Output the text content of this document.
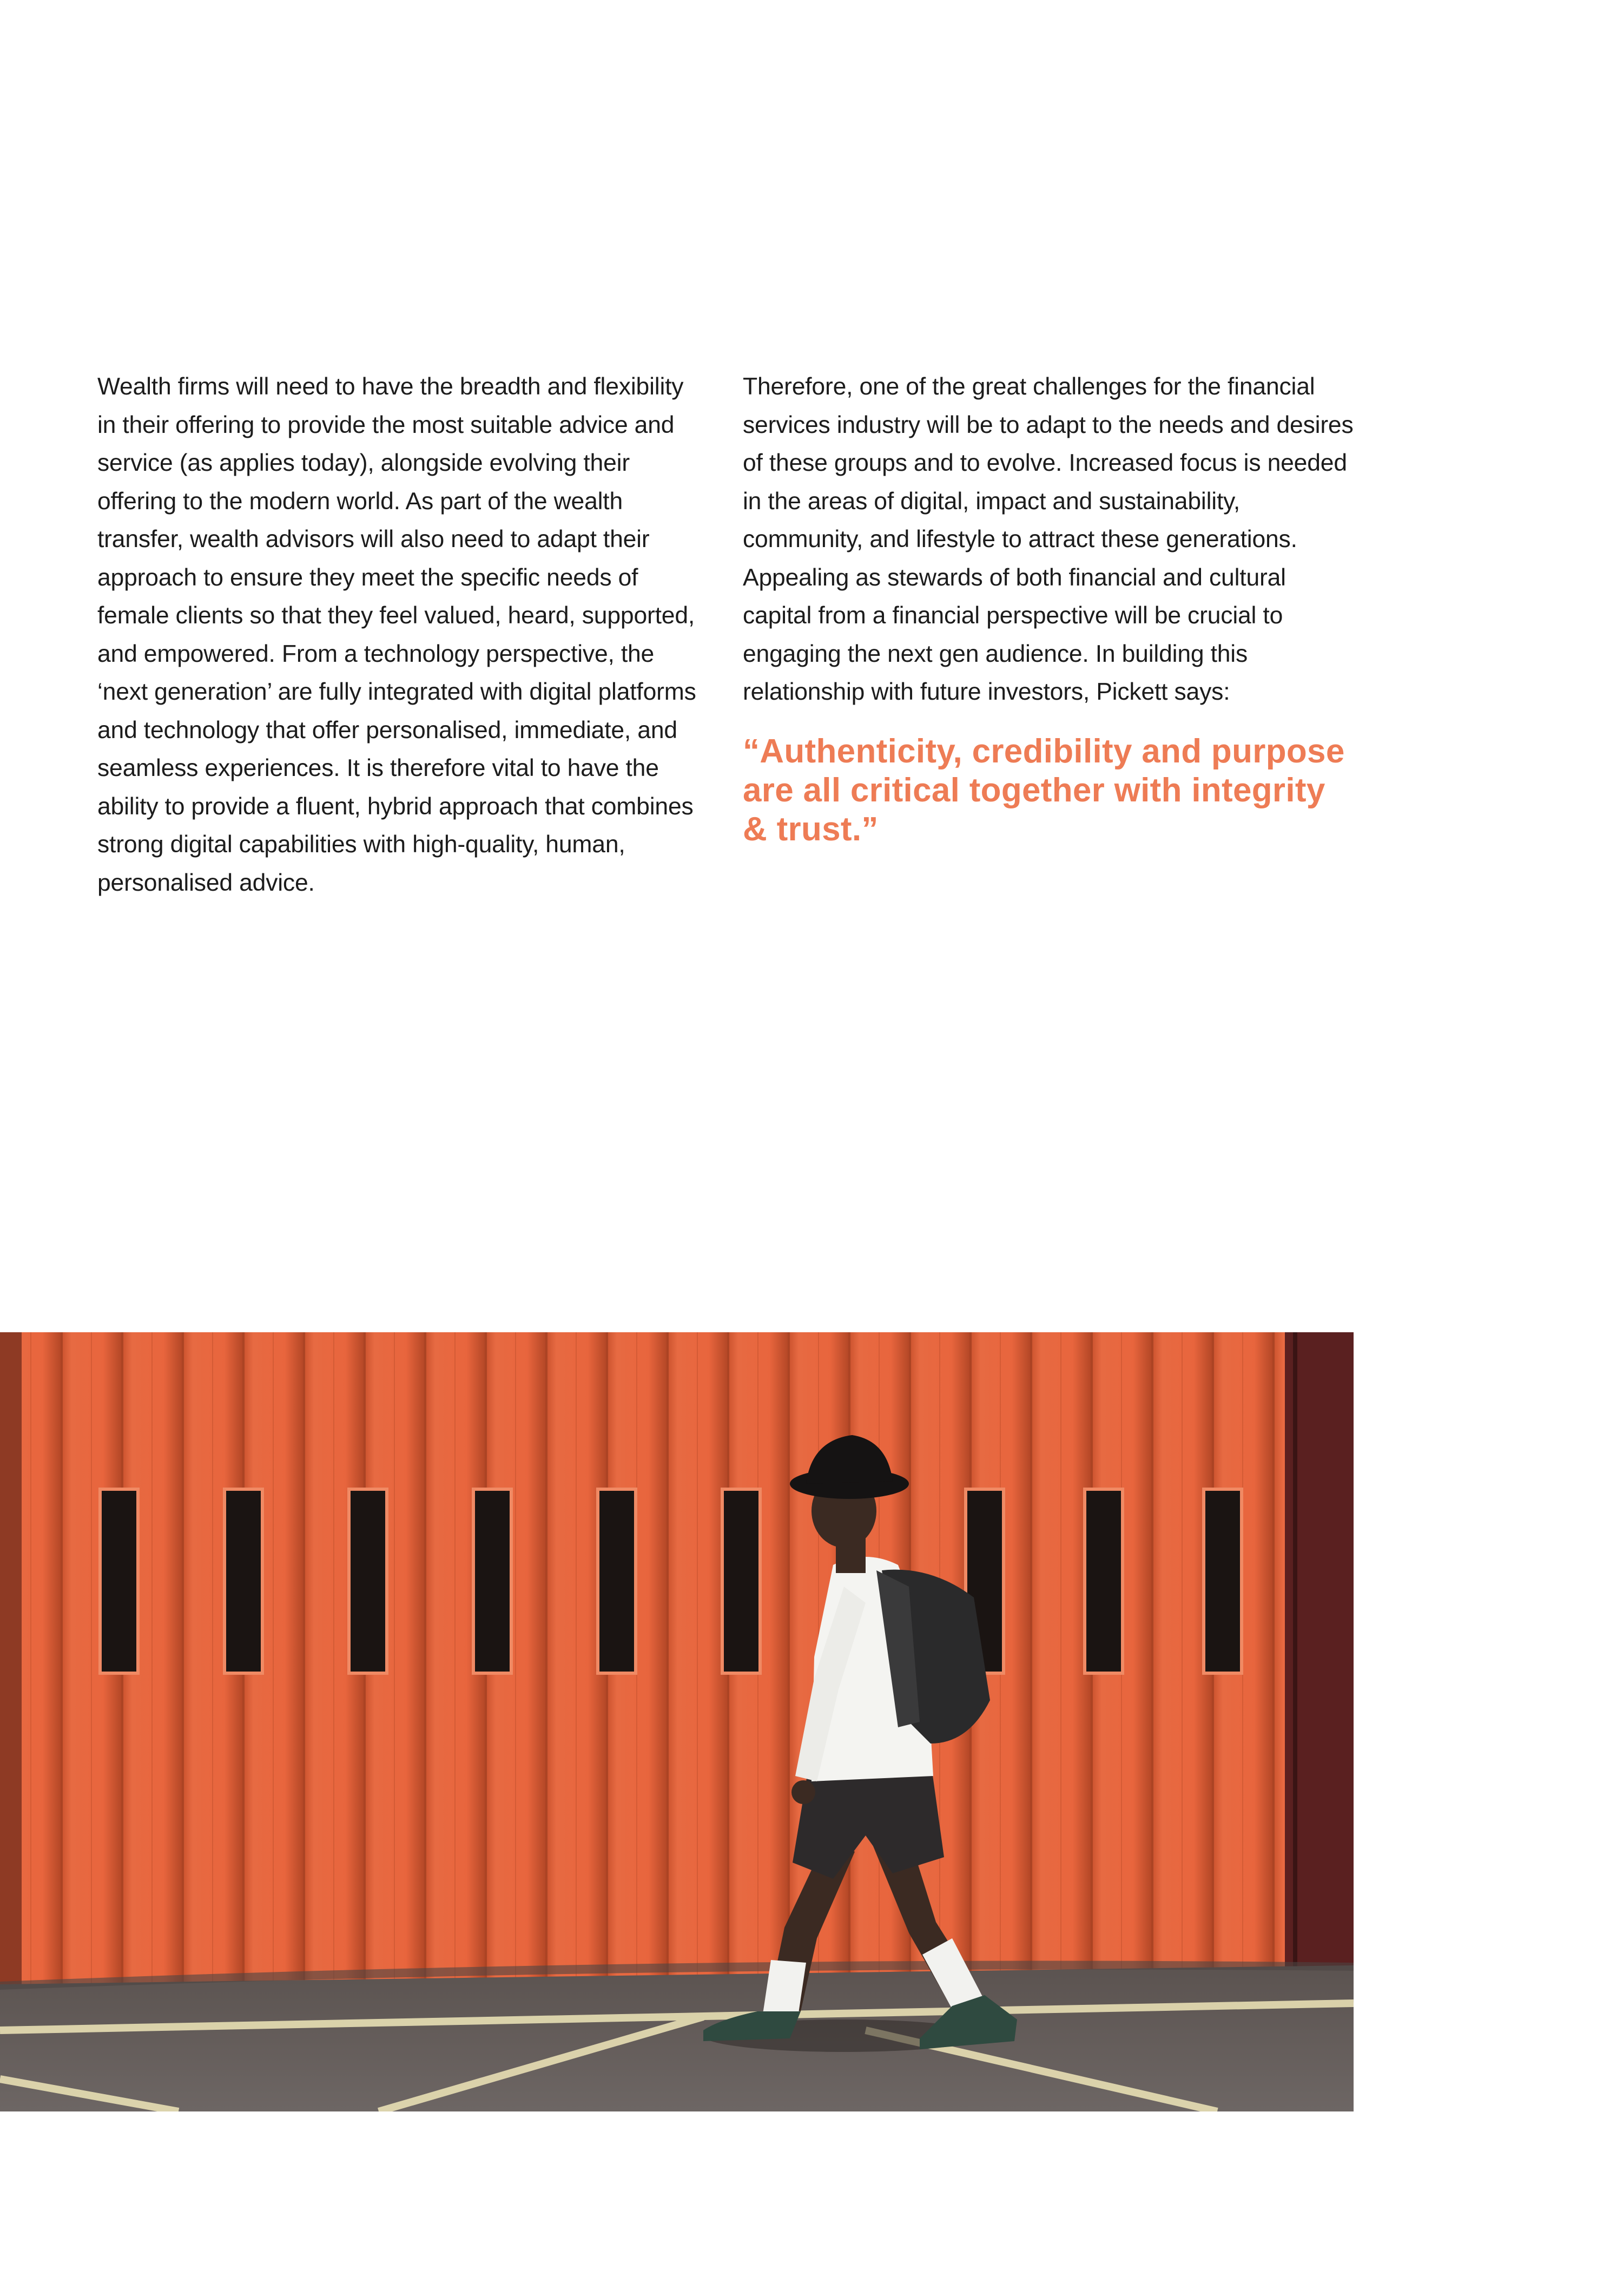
Wealth firms will need to have the breadth and flexibility in their offering to provide the most suitable advice and service (as applies today), alongside evolving their offering to the modern world. As part of the wealth transfer, wealth advisors will also need to adapt their approach to ensure they meet the specific needs of female clients so that they feel valued, heard, supported, and empowered. From a technology perspective, the ‘next generation’ are fully integrated with digital platforms and technology that offer personalised, immediate, and seamless experiences. It is therefore vital to have the ability to provide a fluent, hybrid approach that combines strong digital capabilities with high-quality, human, personalised advice.

Therefore, one of the great challenges for the financial services industry will be to adapt to the needs and desires of these groups and to evolve. Increased focus is needed in the areas of digital, impact and sustainability, community, and lifestyle to attract these generations. Appealing as stewards of both financial and cultural capital from a financial perspective will be crucial to engaging the next gen audience. In building this relationship with future investors, Pickett says:

“Authenticity, credibility and purpose are all critical together with integrity & trust.”
